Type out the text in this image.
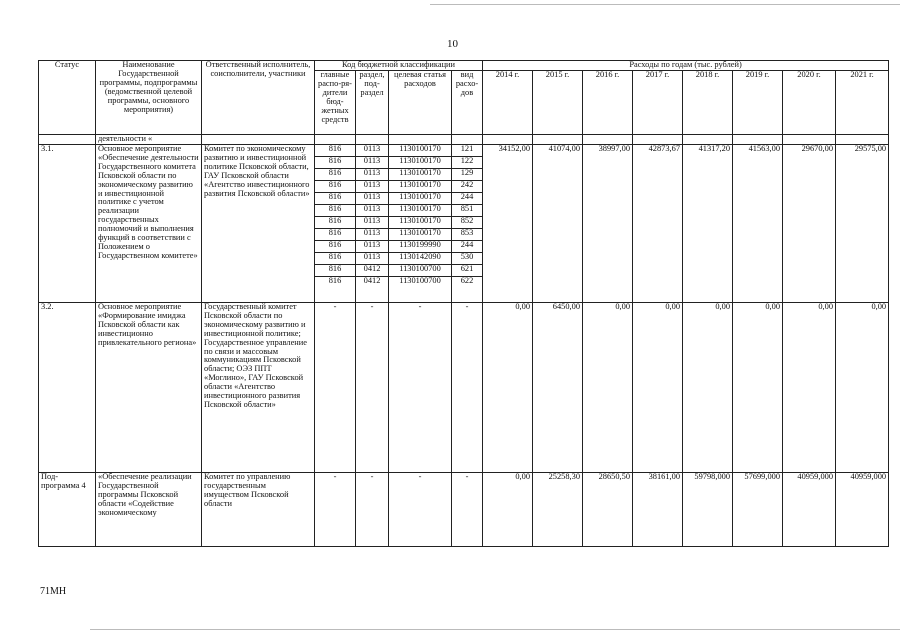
10
Статус	Наименование Государственной программы, подпрограммы (ведомственной целевой программы, основного мероприятия)	Ответственный исполнитель, соисполнители, участники	Код бюджетной классификации				Расходы по годам (тыс. рублей)							
			главные распо-ря-дители бюд-жетных средств	раздел, под-раздел	целевая статья расходов	вид расхо-дов	2014 г.	2015 г.	2016 г.	2017 г.	2018 г.	2019 г.	2020 г.	2021 г.
	деятельности «													
3.1.	Основное мероприятие «Обеспечение деятельности Государственного комитета Псковской области по экономическому развитию и инвестиционной политике с учетом реализации государственных полномочий и выполнения функций в соответствии с Положением о Государственном комитете»	Комитет по экономическому развитию и инвестиционной политике Псковской области, ГАУ Псковской области «Агентство инвестиционного развития Псковской области»	816	0113	1130100170	121	34152,00	41074,00	38997,00	42873,67	41317,20	41563,00	29670,00	29575,00
			816	0113	1130100170	122								
			816	0113	1130100170	129								
			816	0113	1130100170	242								
			816	0113	1130100170	244								
			816	0113	1130100170	851								
			816	0113	1130100170	852								
			816	0113	1130100170	853								
			816	0113	1130199990	244								
			816	0113	1130142090	530								
			816	0412	1130100700	621								
			816	0412	1130100700	622								
3.2.	Основное мероприятие «Формирование имиджа Псковской области как инвестиционно привлекательного региона»	Государственный комитет Псковской области по экономическому развитию и инвестиционной политике; Государственное управление по связи и массовым коммуникациям Псковской области; ОЭЗ ППТ «Моглино», ГАУ Псковской области «Агентство инвестиционного развития Псковской области»	-	-	-	-	0,00	6450,00	0,00	0,00	0,00	0,00	0,00	0,00
Под-программа 4	«Обеспечение реализации Государственной программы Псковской области «Содействие экономическому	Комитет по управлению государственным имуществом Псковской области	-	-	-	-	0,00	25258,30	28650,50	38161,00	59798,000	57699,000	40959,000	40959,000
71МН
